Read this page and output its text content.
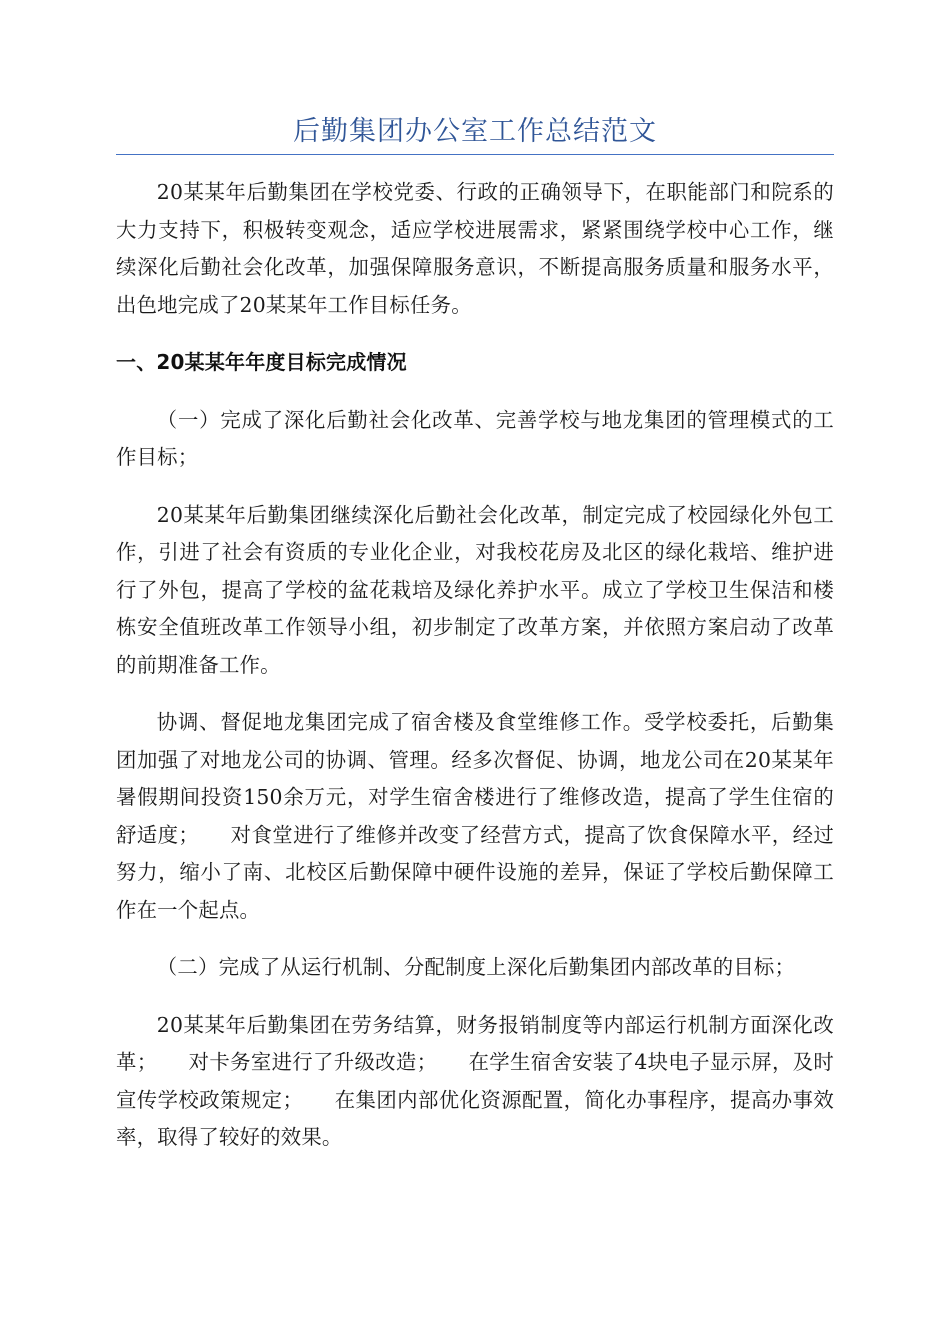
后勤集团办公室工作总结范文

20某某年后勤集团在学校党委、行政的正确领导下，在职能部门和院系的大力支持下，积极转变观念，适应学校进展需求，紧紧围绕学校中心工作，继续深化后勤社会化改革，加强保障服务意识，不断提高服务质量和服务水平，出色地完成了20某某年工作目标任务。

一、20某某年年度目标完成情况

（一）完成了深化后勤社会化改革、完善学校与地龙集团的管理模式的工作目标；

20某某年后勤集团继续深化后勤社会化改革，制定完成了校园绿化外包工作，引进了社会有资质的专业化企业，对我校花房及北区的绿化栽培、维护进行了外包，提高了学校的盆花栽培及绿化养护水平。成立了学校卫生保洁和楼栋安全值班改革工作领导小组，初步制定了改革方案，并依照方案启动了改革的前期准备工作。

协调、督促地龙集团完成了宿舍楼及食堂维修工作。受学校委托，后勤集团加强了对地龙公司的协调、管理。经多次督促、协调，地龙公司在20某某年暑假期间投资150余万元，对学生宿舍楼进行了维修改造，提高了学生住宿的舒适度；　　对食堂进行了维修并改变了经营方式，提高了饮食保障水平，经过努力，缩小了南、北校区后勤保障中硬件设施的差异，保证了学校后勤保障工作在一个起点。

（二）完成了从运行机制、分配制度上深化后勤集团内部改革的目标；

20某某年后勤集团在劳务结算，财务报销制度等内部运行机制方面深化改革；　　对卡务室进行了升级改造；　　在学生宿舍安装了4块电子显示屏，及时宣传学校政策规定；　　在集团内部优化资源配置，简化办事程序，提高办事效率，取得了较好的效果。
